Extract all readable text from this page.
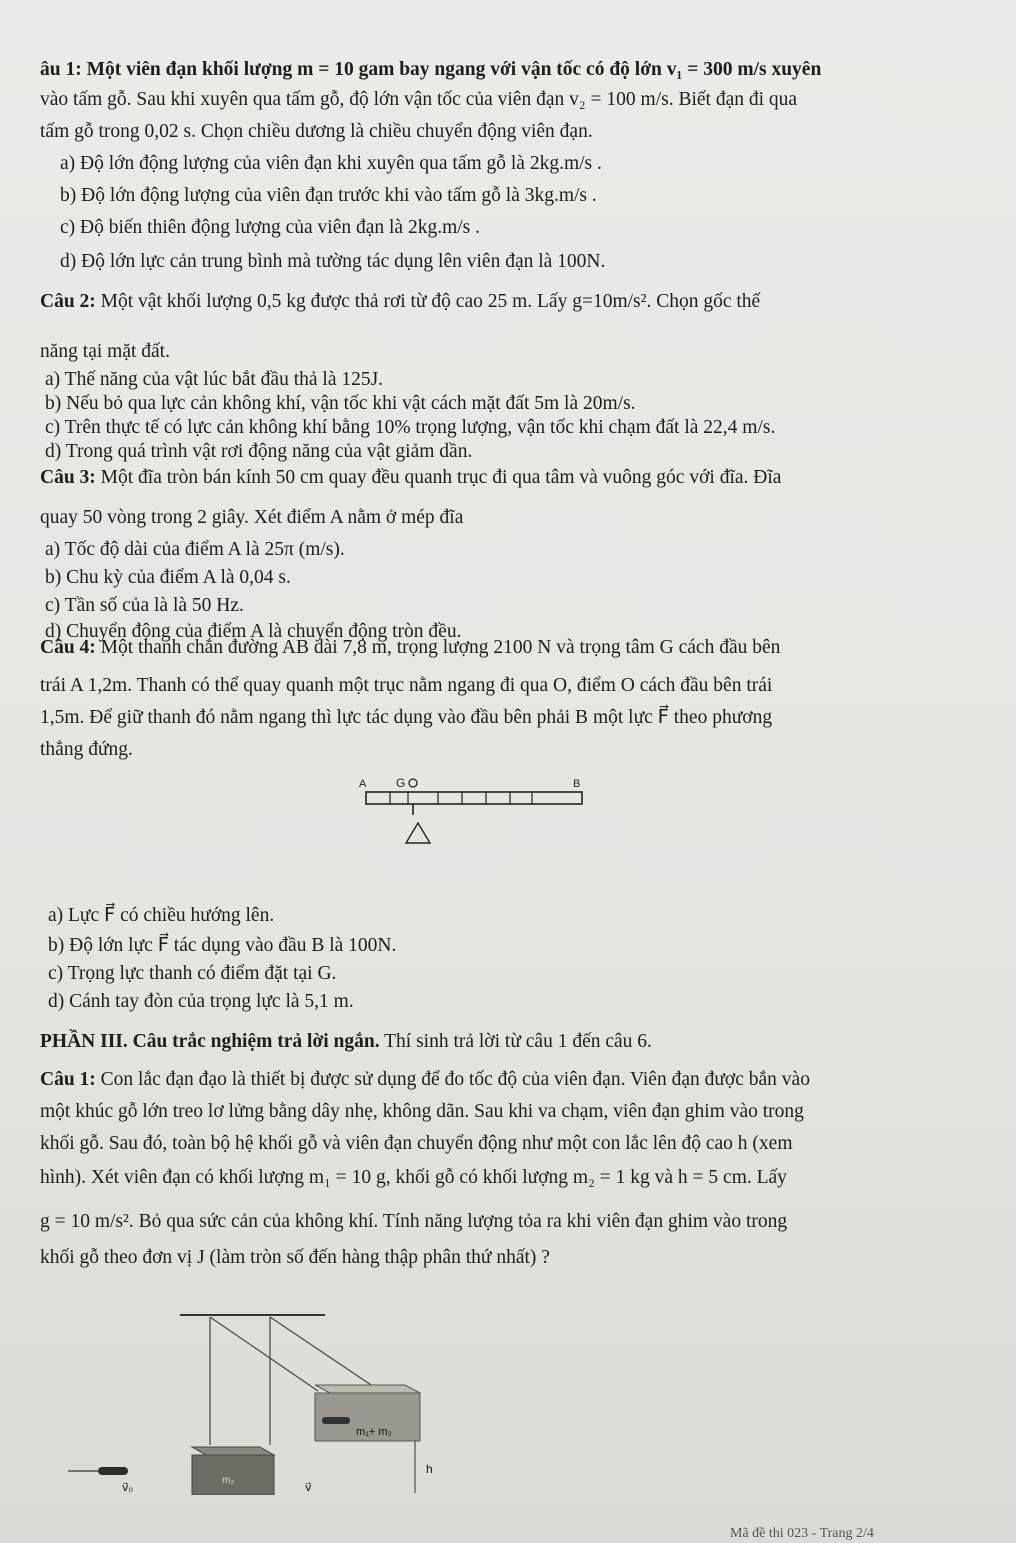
âu 1: Một viên đạn khối lượng m = 10 gam bay ngang với vận tốc có độ lớn v₁ = 300 m/s xuyên
vào tấm gỗ. Sau khi xuyên qua tấm gỗ, độ lớn vận tốc của viên đạn v₂ = 100 m/s. Biết đạn đi qua
tấm gỗ trong 0,02 s. Chọn chiều dương là chiều chuyển động viên đạn.
a) Độ lớn động lượng của viên đạn khi xuyên qua tấm gỗ là 2kg.m/s .
b) Độ lớn động lượng của viên đạn trước khi vào tấm gỗ là 3kg.m/s .
c) Độ biến thiên động lượng của viên đạn là 2kg.m/s .
d) Độ lớn lực cản trung bình mà tường tác dụng lên viên đạn là 100N.
Câu 2: Một vật khối lượng 0,5 kg được thả rơi từ độ cao 25 m. Lấy g=10m/s². Chọn gốc thế
năng tại mặt đất.
a) Thế năng của vật lúc bắt đầu thả là 125J.
b) Nếu bỏ qua lực cản không khí, vận tốc khi vật cách mặt đất 5m là 20m/s.
c) Trên thực tế có lực cản không khí bằng 10% trọng lượng, vận tốc khi chạm đất là 22,4 m/s.
d) Trong quá trình vật rơi động năng của vật giảm dần.
Câu 3: Một đĩa tròn bán kính 50 cm quay đều quanh trục đi qua tâm và vuông góc với đĩa. Đĩa
quay 50 vòng trong 2 giây. Xét điểm A nằm ở mép đĩa
a) Tốc độ dài của điểm A là 25π (m/s).
b) Chu kỳ của điểm A là 0,04 s.
c) Tần số của là là 50 Hz.
d) Chuyển động của điểm A là chuyển động tròn đều.
Câu 4: Một thanh chắn đường AB dài 7,8 m, trọng lượng 2100 N và trọng tâm G cách đầu bên
trái A 1,2m. Thanh có thể quay quanh một trục nằm ngang đi qua O, điểm O cách đầu bên trái
1,5m. Để giữ thanh đó nằm ngang thì lực tác dụng vào đầu bên phải B một lực F⃗ theo phương
thẳng đứng.
A G	B
a) Lực F⃗ có chiều hướng lên.
b) Độ lớn lực F⃗ tác dụng vào đầu B là 100N.
c) Trọng lực thanh có điểm đặt tại G.
d) Cánh tay đòn của trọng lực là 5,1 m.
PHẦN III. Câu trắc nghiệm trả lời ngắn. Thí sinh trả lời từ câu 1 đến câu 6.
Câu 1: Con lắc đạn đạo là thiết bị được sử dụng để đo tốc độ của viên đạn. Viên đạn được bắn vào
một khúc gỗ lớn treo lơ lửng bằng dây nhẹ, không dãn. Sau khi va chạm, viên đạn ghim vào trong
khối gỗ. Sau đó, toàn bộ hệ khối gỗ và viên đạn chuyển động như một con lắc lên độ cao h (xem
hình). Xét viên đạn có khối lượng m₁ = 10 g, khối gỗ có khối lượng m₂ = 1 kg và h = 5 cm. Lấy
g = 10 m/s². Bỏ qua sức cản của không khí. Tính năng lượng tỏa ra khi viên đạn ghim vào trong
khối gỗ theo đơn vị J (làm tròn số đến hàng thập phân thứ nhất) ?
m₁+ m₂
m₂
v⃗₀	v⃗
h
Mã đề thi 023 - Trang 2/4
